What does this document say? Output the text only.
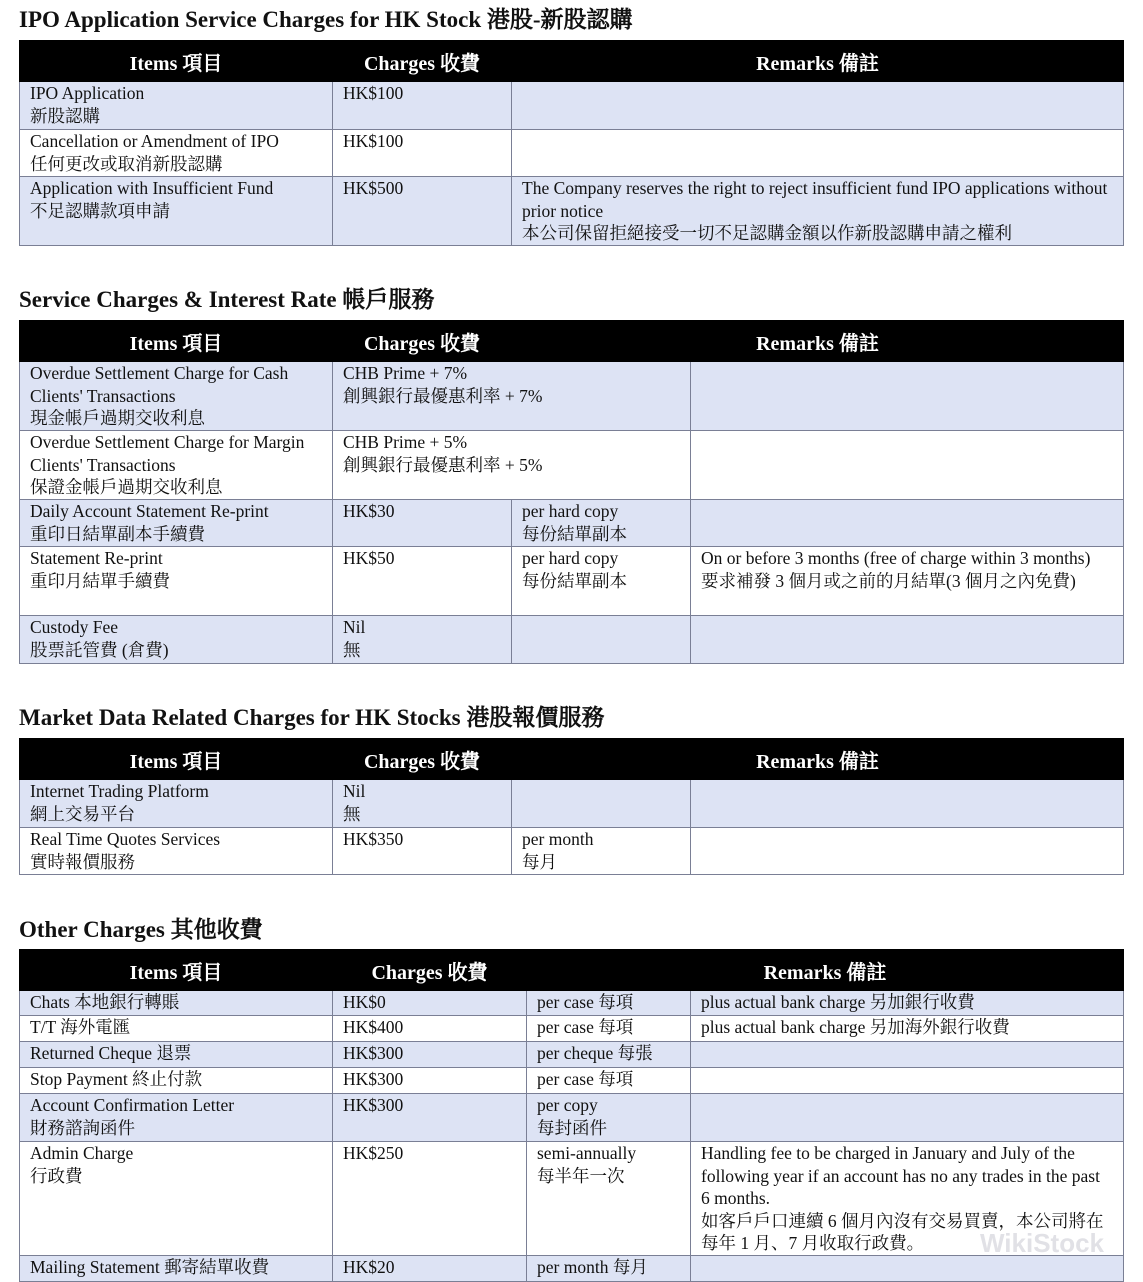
IPO Application Service Charges for HK Stock 港股-新股認購
Items 項目	Charges 收費	Remarks 備註
IPO Application
新股認購	HK$100	
Cancellation or Amendment of IPO
任何更改或取消新股認購	HK$100	
Application with Insufficient Fund
不足認購款項申請	HK$500	The Company reserves the right to reject insufficient fund IPO applications without prior notice
本公司保留拒絕接受一切不足認購金額以作新股認購申請之權利
Service Charges & Interest Rate 帳戶服務
Items 項目	Charges 收費	Remarks 備註	
Overdue Settlement Charge for Cash Clients' Transactions
現金帳戶過期交收利息	CHB Prime + 7%
創興銀行最優惠利率 + 7%		
Overdue Settlement Charge for Margin Clients' Transactions
保證金帳戶過期交收利息	CHB Prime + 5%
創興銀行最優惠利率 + 5%		
Daily Account Statement Re-print
重印日結單副本手續費	HK$30	per hard copy
每份結單副本	
Statement Re-print
重印月結單手續費	HK$50	per hard copy
每份結單副本	On or before 3 months (free of charge within 3 months)
要求補發 3 個月或之前的月結單(3 個月之內免費)
Custody Fee
股票託管費 (倉費)	Nil
無		
Market Data Related Charges for HK Stocks 港股報價服務
Items 項目	Charges 收費	Remarks 備註	
Internet Trading Platform
網上交易平台	Nil
無		
Real Time Quotes Services
實時報價服務	HK$350	per month
每月	
Other Charges 其他收費
Items 項目	Charges 收費	Remarks 備註	
Chats 本地銀行轉賬	HK$0	per case 每項	plus actual bank charge 另加銀行收費
T/T 海外電匯	HK$400	per case 每項	plus actual bank charge 另加海外銀行收費
Returned Cheque 退票	HK$300	per cheque 每張	
Stop Payment 終止付款	HK$300	per case 每項	
Account Confirmation Letter
財務諮詢函件	HK$300	per copy
每封函件	
Admin Charge
行政費	HK$250	semi-annually
每半年一次	Handling fee to be charged in January and July of the following year if an account has no any trades in the past 6 months.
如客戶戶口連續 6 個月內沒有交易買賣，本公司將在每年 1 月、7 月收取行政費。
Mailing Statement 郵寄結單收費	HK$20	per month 每月	
WikiStock
